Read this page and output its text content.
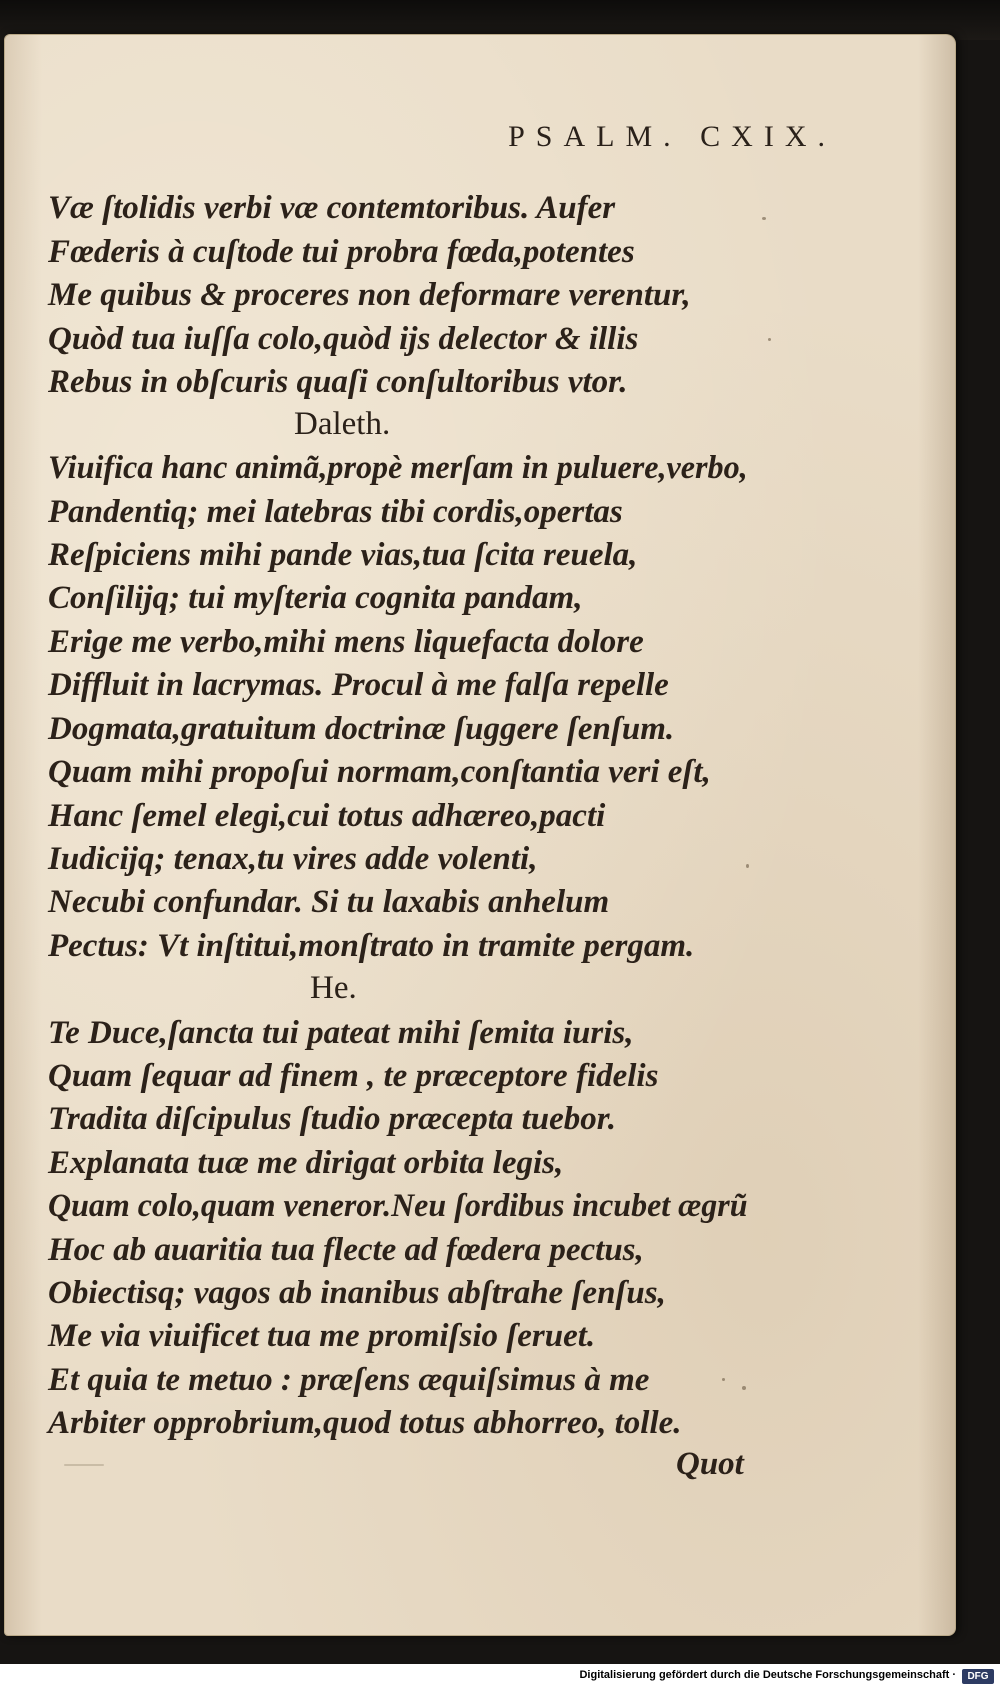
PSALM. CXIX.
Væ ſtolidis verbi væ contemtoribus. Aufer
Fœderis à cuſtode tui probra fœda,potentes
Me quibus & proceres non deformare verentur,
Quòd tua iuſſa colo,quòd ijs delector & illis
Rebus in obſcuris quaſi conſultoribus vtor.
Daleth.
Viuifica hanc animã,propè merſam in puluere,verbo,
Pandentiq; mei latebras tibi cordis,opertas
Reſpiciens mihi pande vias,tua ſcita reuela,
Conſilijq; tui myſteria cognita pandam,
Erige me verbo,mihi mens liquefacta dolore
Diffluit in lacrymas. Procul à me falſa repelle
Dogmata,gratuitum doctrinæ ſuggere ſenſum.
Quam mihi propoſui normam,conſtantia veri eſt,
Hanc ſemel elegi,cui totus adhæreo,pacti
Iudicijq; tenax,tu vires adde volenti,
Necubi confundar. Si tu laxabis anhelum
Pectus: Vt inſtitui,monſtrato in tramite pergam.
He.
Te Duce,ſancta tui pateat mihi ſemita iuris,
Quam ſequar ad finem , te præceptore fidelis
Tradita diſcipulus ſtudio præcepta tuebor.
Explanata tuæ me dirigat orbita legis,
Quam colo,quam veneror.Neu ſordibus incubet ægrũ
Hoc ab auaritia tua flecte ad fœdera pectus,
Obiectisq; vagos ab inanibus abſtrahe ſenſus,
Me via viuificet tua me promiſsio ſeruet.
Et quia te metuo : præſens æquiſsimus à me
Arbiter opprobrium,quod totus abhorreo, tolle.
Quot
Digitalisierung gefördert durch die Deutsche Forschungsgemeinschaft ·	DFG
